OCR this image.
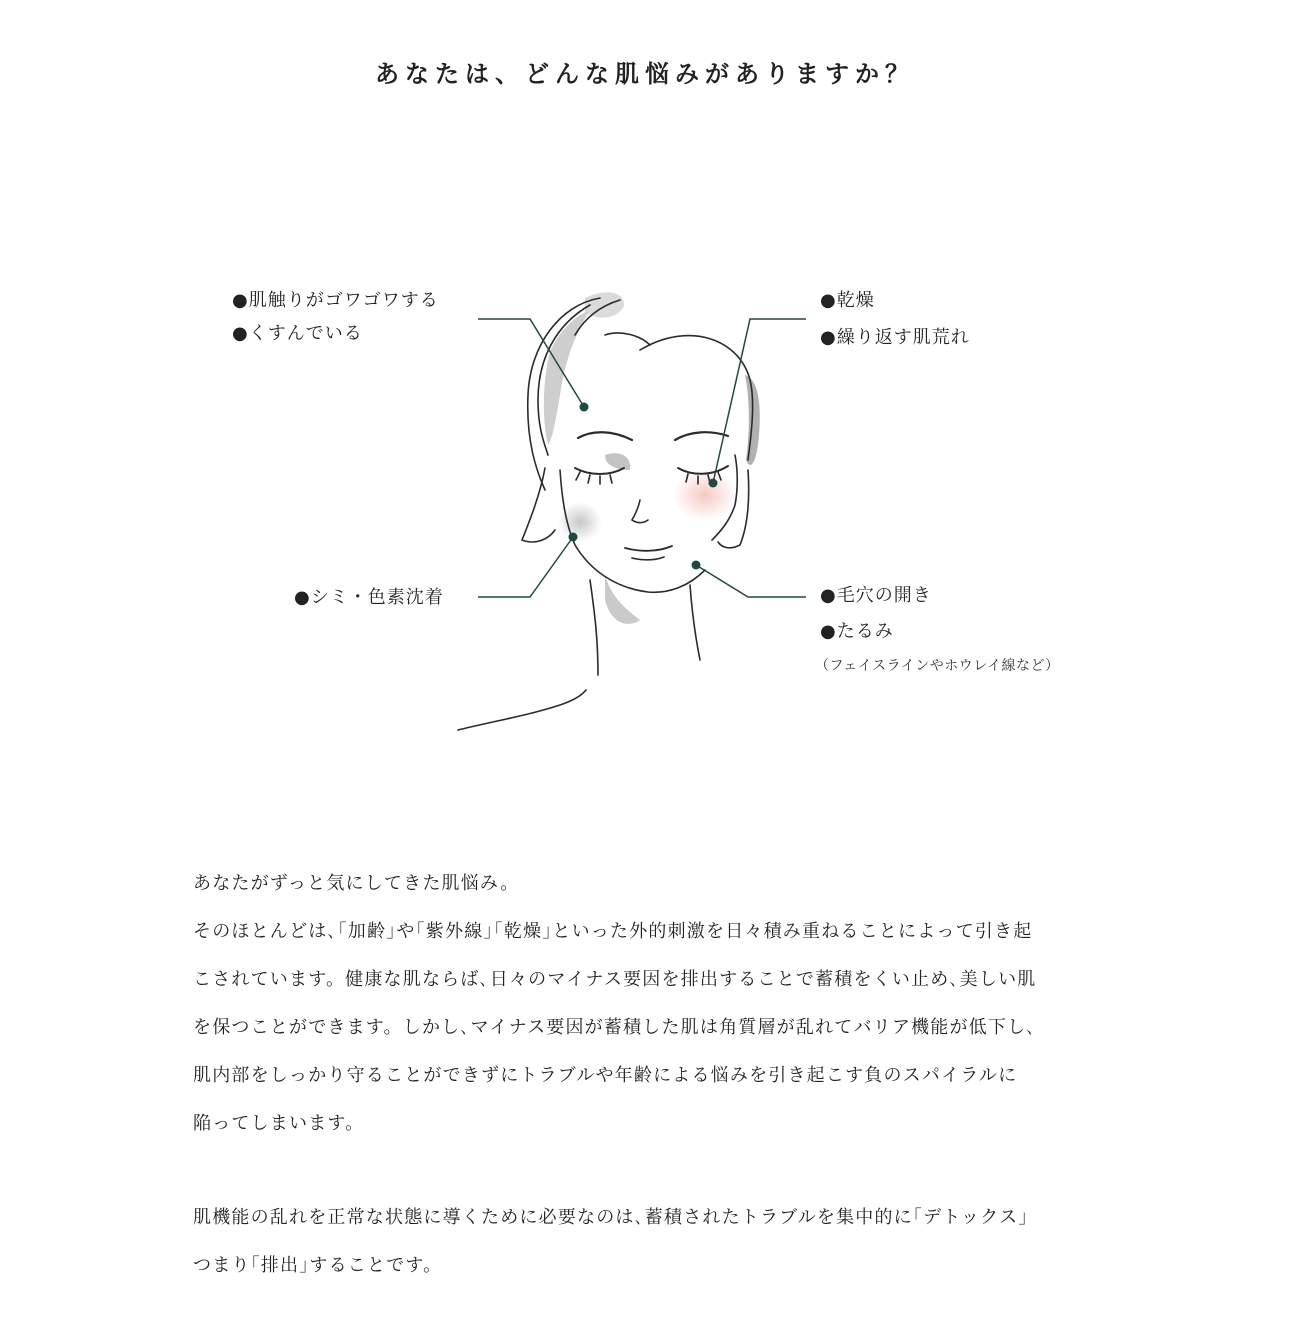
あなたは、どんな肌悩みがありますか？
●肌触りがゴワゴワする
●くすんでいる
●乾燥
●繰り返す肌荒れ
●シミ・色素沈着	●毛穴の開き
●たるみ
（フェイスラインやホウレイ線など）

あなたがずっと気にしてきた肌悩み。

そのほとんどは､｢加齢｣や｢紫外線｣｢乾燥｣といった外的刺激を日々積み重ねることによって引き起

こされています。健康な肌ならば､日々のマイナス要因を排出することで蓄積をくい止め､美しい肌

を保つことができます。しかし､マイナス要因が蓄積した肌は角質層が乱れてバリア機能が低下し､

肌内部をしっかり守ることができずにトラブルや年齢による悩みを引き起こす負のスパイラルに

陥ってしまいます。

肌機能の乱れを正常な状態に導くために必要なのは､蓄積されたトラブルを集中的に｢デトックス｣

つまり｢排出｣することです。
